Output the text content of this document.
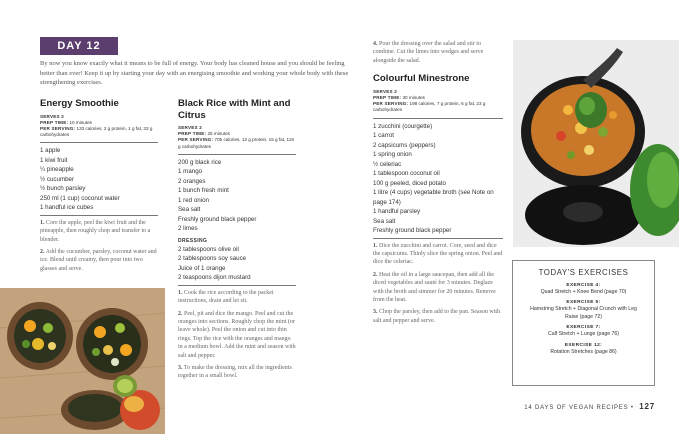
DAY 12

By now you know exactly what it means to be full of energy. Your body has cleaned house and you should be feeling better than ever! Keep it up by starting your day with an energising smoothie and working your whole body with these strengthening exercises.

Energy Smoothie
SERVES 2
PREP TIME: 10 minutes
PER SERVING: 133 calories, 2 g protein, 1 g fat, 33 g carbohydrates
1 apple
1 kiwi fruit
¼ pineapple
½ cucumber
½ bunch parsley
250 ml (1 cup) coconut water
1 handful ice cubes
1. Core the apple, peel the kiwi fruit and the pineapple, then roughly chop and transfer to a blender.
2. Add the cucumber, parsley, coconut water and ice. Blend until creamy, then pour into two glasses and serve.
Black Rice with Mint and Citrus
SERVES 2
PREP TIME: 25 minutes
PER SERVING: 705 calories, 13 g protein, 15 g fat, 119 g carbohydrates
200 g black rice
1 mango
2 oranges
1 bunch fresh mint
1 red onion
Sea salt
Freshly ground black pepper
2 limes
DRESSING
2 tablespoons olive oil
2 tablespoons soy sauce
Juice of 1 orange
2 teaspoons dijon mustard
1. Cook the rice according to the packet instructions, drain and let sit.
2. Peel, pit and dice the mango. Peel and cut the oranges into sections. Roughly chop the mint (or leave whole). Peel the onion and cut into thin rings. Top the rice with the oranges and mango in a medium bowl. Add the mint and season with salt and pepper.
3. To make the dressing, mix all the ingredients together in a small bowl.
4. Pour the dressing over the salad and stir to combine. Cut the limes into wedges and serve alongside the salad.
Colourful Minestrone
SERVES 2
PREP TIME: 30 minutes
PER SERVING: 198 calories, 7 g protein, 6 g fat, 23 g carbohydrates
1 zucchini (courgette)
1 carrot
2 capsicums (peppers)
1 spring onion
½ celeriac
1 tablespoon coconut oil
100 g peeled, diced potato
1 litre (4 cups) vegetable broth (see Note on page 174)
1 handful parsley
Sea salt
Freshly ground black pepper
1. Dice the zucchini and carrot. Core, seed and dice the capsicums. Thinly slice the spring onion. Peel and dice the celeriac.
2. Heat the oil in a large saucepan, then add all the diced vegetables and sauté for 3 minutes. Deglaze with the broth and simmer for 20 minutes. Remove from the heat.
3. Chop the parsley, then add to the pan. Season with salt and pepper and serve.
TODAY'S EXERCISES
EXERCISE 4:
Quad Stretch + Knee Bend (page 70)
EXERCISE 5:
Hamstring Stretch + Diagonal Crunch with Leg Raise (page 72)
EXERCISE 7:
Calf Stretch + Lunge (page 76)
EXERCISE 12:
Rotation Stretches (page 86)
14 DAYS OF VEGAN RECIPES • 127
